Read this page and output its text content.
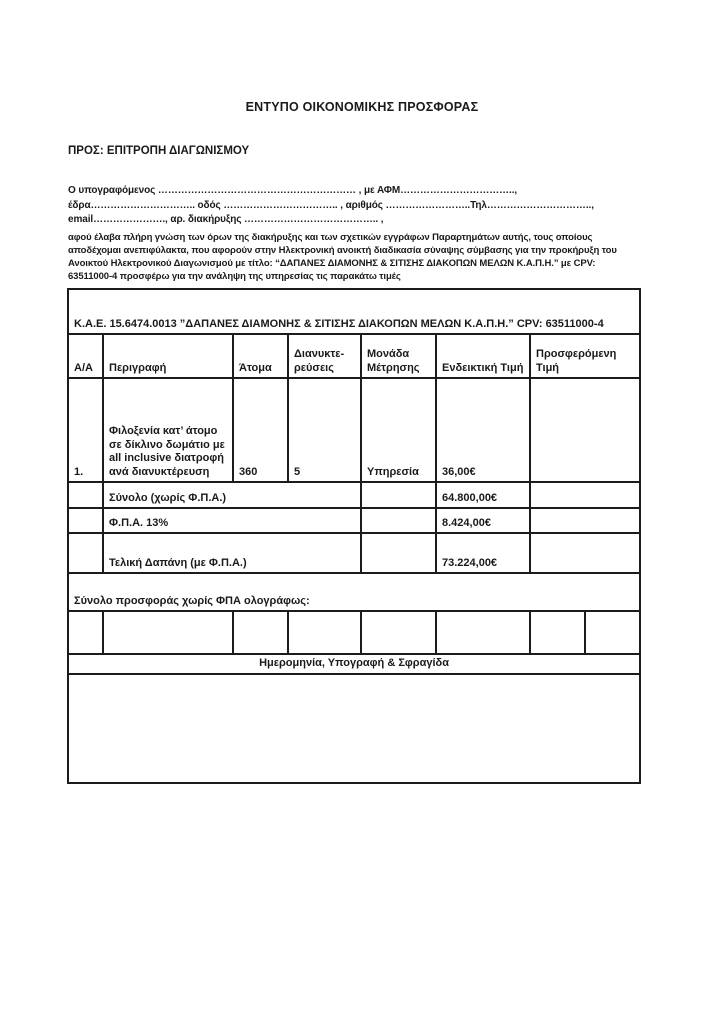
ΕΝΤΥΠΟ ΟΙΚΟΝΟΜΙΚΗΣ ΠΡΟΣΦΟΡΑΣ
ΠΡΟΣ: ΕΠΙΤΡΟΠΗ ΔΙΑΓΩΝΙΣΜΟΥ
Ο υπογραφόμενος …………………………………………………… , με ΑΦΜ…………………………….., έδρα………………………….. οδός …………………………….. , αριθμός ……………………..Τηλ………………………….., email…………………., αρ. διακήρυξης ………………………………….. ,
αφού έλαβα πλήρη γνώση των όρων της διακήρυξης και των σχετικών εγγράφων Παραρτημάτων αυτής, τους οποίους αποδέχομαι ανεπιφύλακτα, που αφορούν στην Ηλεκτρονική ανοικτή διαδικασία σύναψης σύμβασης για την προκήρυξη του Ανοικτού Ηλεκτρονικού Διαγωνισμού με τίτλο: “ΔΑΠΑΝΕΣ ΔΙΑΜΟΝΗΣ & ΣΙΤΙΣΗΣ ΔΙΑΚΟΠΩΝ ΜΕΛΩΝ Κ.Α.Π.Η.” με CPV: 63511000-4 προσφέρω για την ανάληψη της υπηρεσίας τις παρακάτω τιμές
Κ.Α.Ε. 15.6474.0013 ”ΔΑΠΑΝΕΣ ΔΙΑΜΟΝΗΣ & ΣΙΤΙΣΗΣ ΔΙΑΚΟΠΩΝ ΜΕΛΩΝ Κ.Α.Π.Η.” CPV: 63511000-4							
Α/Α	Περιγραφή	Άτομα	Διανυκτε-ρεύσεις	Μονάδα Μέτρησης	Ενδεικτική Τιμή	Προσφερόμενη Τιμή	
1.	Φιλοξενία κατ’ άτομο σε δίκλινο δωμάτιο με all inclusive διατροφή ανά διανυκτέρευση	360	5	Υπηρεσία	36,00€		
	Σύνολο (χωρίς Φ.Π.Α.)				64.800,00€		
	Φ.Π.Α. 13%				8.424,00€		
	Τελική Δαπάνη (με Φ.Π.Α.)				73.224,00€		
Σύνολο προσφοράς χωρίς ΦΠΑ ολογράφως:							

Ημερομηνία, Υπογραφή & Σφραγίδα							
